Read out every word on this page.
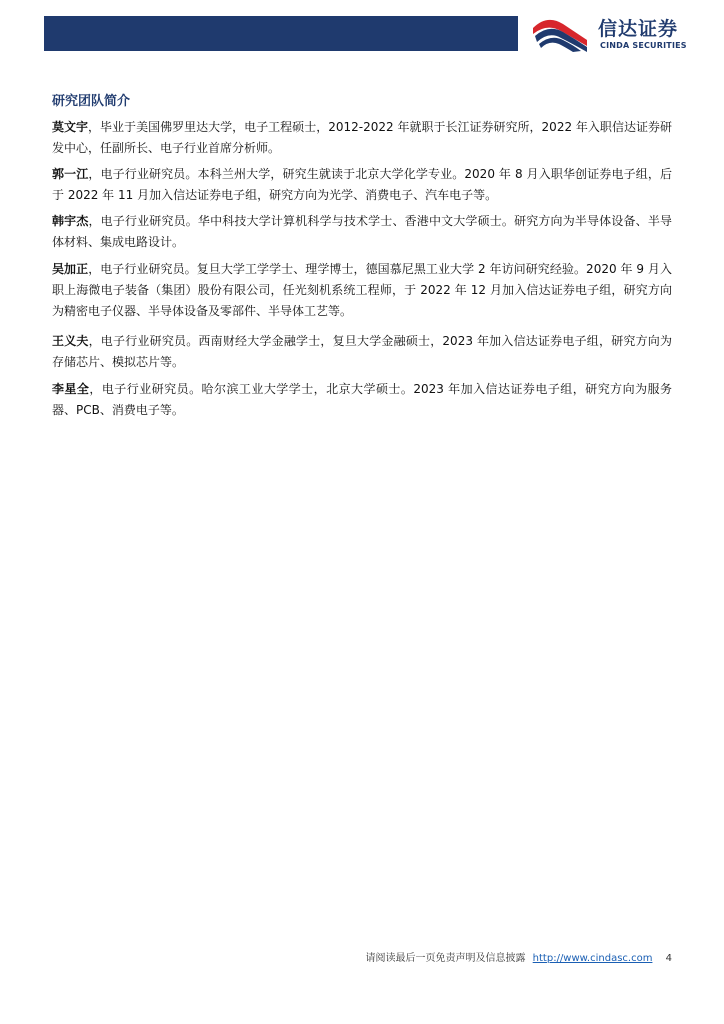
信达证券
CINDA SECURITIES
研究团队简介

莫文宇，毕业于美国佛罗里达大学，电子工程硕士，2012-2022 年就职于长江证券研究所，2022 年入职信达证券研发中心，任副所长、电子行业首席分析师。

郭一江，电子行业研究员。本科兰州大学，研究生就读于北京大学化学专业。2020 年 8 月入职华创证券电子组，后于 2022 年 11 月加入信达证券电子组，研究方向为光学、消费电子、汽车电子等。

韩宇杰，电子行业研究员。华中科技大学计算机科学与技术学士、香港中文大学硕士。研究方向为半导体设备、半导体材料、集成电路设计。

吴加正，电子行业研究员。复旦大学工学学士、理学博士，德国慕尼黑工业大学 2 年访问研究经验。2020 年 9 月入职上海微电子装备（集团）股份有限公司，任光刻机系统工程师，于 2022 年 12 月加入信达证券电子组，研究方向为精密电子仪器、半导体设备及零部件、半导体工艺等。

王义夫，电子行业研究员。西南财经大学金融学士，复旦大学金融硕士，2023 年加入信达证券电子组，研究方向为存储芯片、模拟芯片等。

李星全，电子行业研究员。哈尔滨工业大学学士，北京大学硕士。2023 年加入信达证券电子组，研究方向为服务器、PCB、消费电子等。

请阅读最后一页免责声明及信息披露 http://www.cindasc.com 4
